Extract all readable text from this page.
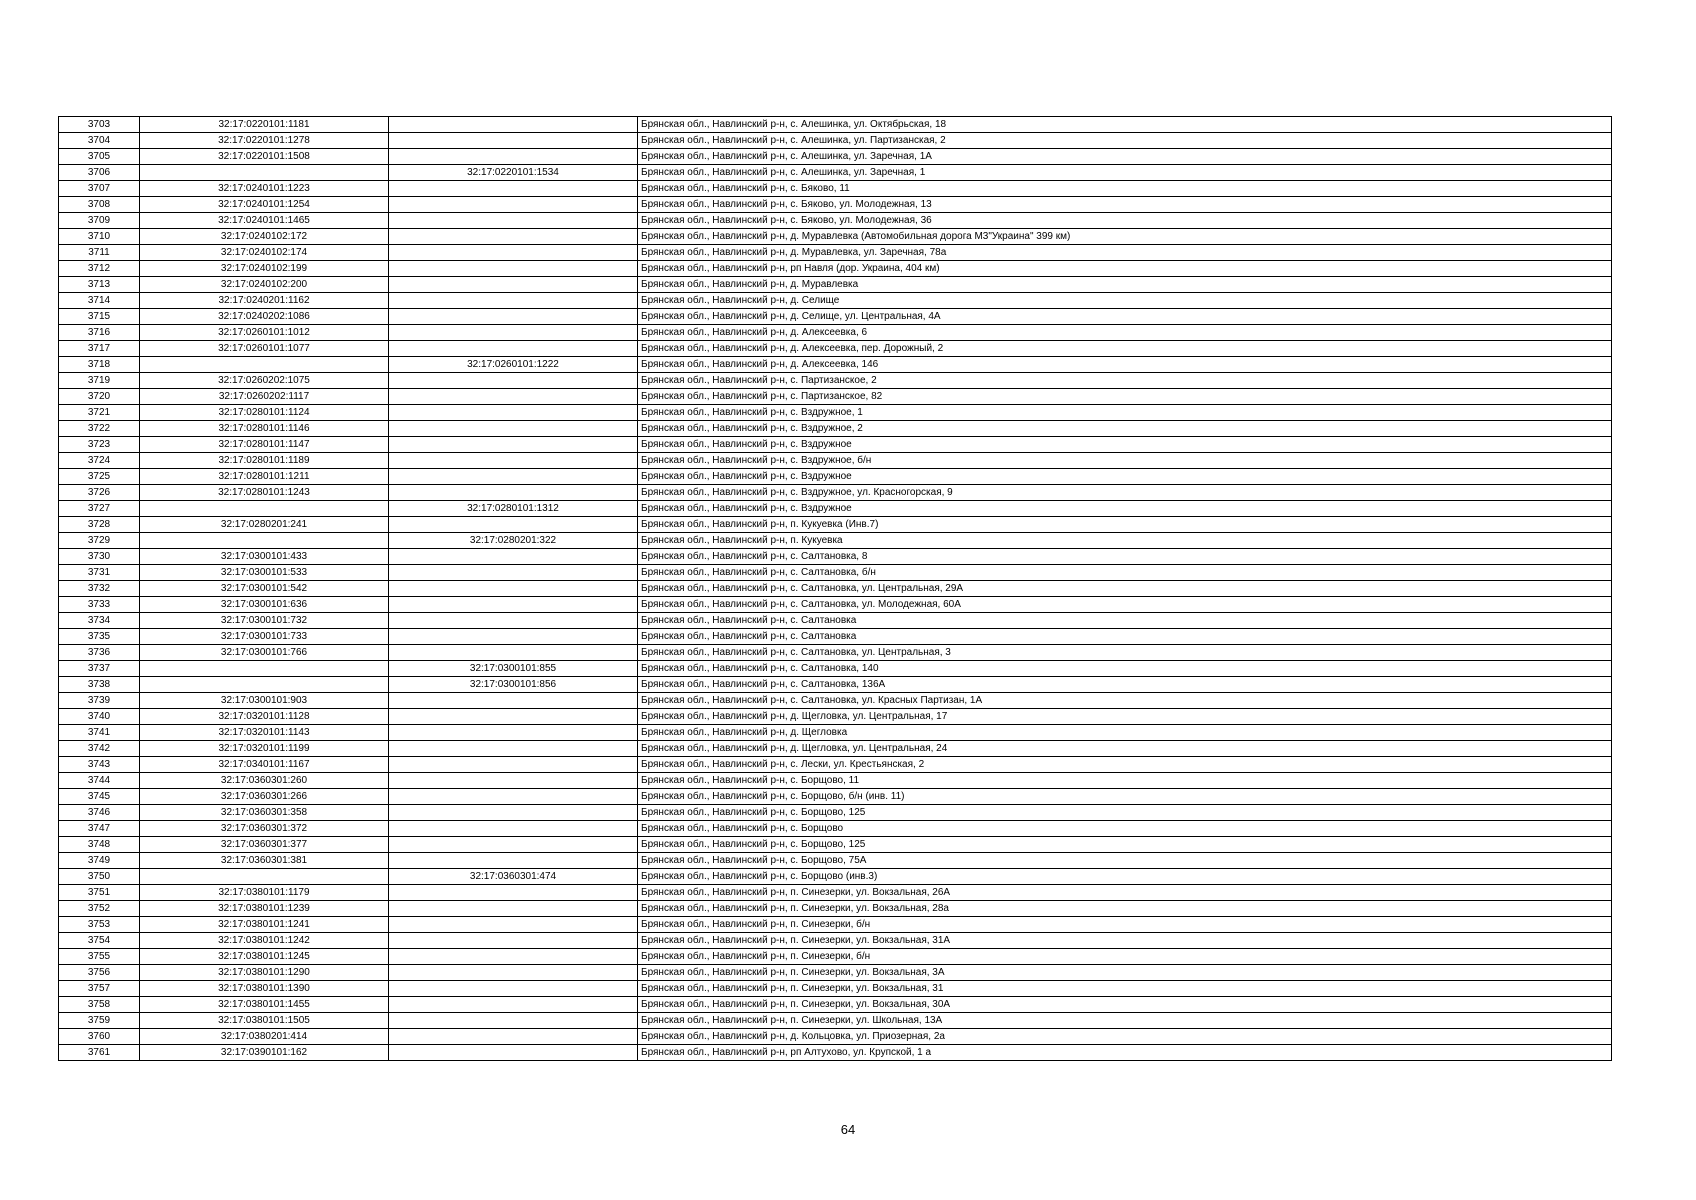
3703	32:17:0220101:1181		Брянская обл., Навлинский р-н, с. Алешинка, ул. Октябрьская, 18
3704	32:17:0220101:1278		Брянская обл., Навлинский р-н, с. Алешинка, ул. Партизанская, 2
3705	32:17:0220101:1508		Брянская обл., Навлинский р-н, с. Алешинка, ул. Заречная, 1А
3706		32:17:0220101:1534	Брянская обл., Навлинский р-н, с. Алешинка, ул. Заречная, 1
3707	32:17:0240101:1223		Брянская обл., Навлинский р-н, с. Бяково, 11
3708	32:17:0240101:1254		Брянская обл., Навлинский р-н, с. Бяково, ул. Молодежная, 13
3709	32:17:0240101:1465		Брянская обл., Навлинский р-н, с. Бяково, ул. Молодежная, 36
3710	32:17:0240102:172		Брянская обл., Навлинский р-н, д. Муравлевка (Автомобильная дорога М3"Украина" 399 км)
3711	32:17:0240102:174		Брянская обл., Навлинский р-н, д. Муравлевка, ул. Заречная, 78а
3712	32:17:0240102:199		Брянская обл., Навлинский р-н, рп Навля (дор. Украина, 404 км)
3713	32:17:0240102:200		Брянская обл., Навлинский р-н, д. Муравлевка
3714	32:17:0240201:1162		Брянская обл., Навлинский р-н, д. Селище
3715	32:17:0240202:1086		Брянская обл., Навлинский р-н, д. Селище, ул. Центральная, 4А
3716	32:17:0260101:1012		Брянская обл., Навлинский р-н, д. Алексеевка, 6
3717	32:17:0260101:1077		Брянская обл., Навлинский р-н, д. Алексеевка, пер. Дорожный, 2
3718		32:17:0260101:1222	Брянская обл., Навлинский р-н, д. Алексеевка, 146
3719	32:17:0260202:1075		Брянская обл., Навлинский р-н, с. Партизанское, 2
3720	32:17:0260202:1117		Брянская обл., Навлинский р-н, с. Партизанское, 82
3721	32:17:0280101:1124		Брянская обл., Навлинский р-н, с. Вздружное, 1
3722	32:17:0280101:1146		Брянская обл., Навлинский р-н, с. Вздружное, 2
3723	32:17:0280101:1147		Брянская обл., Навлинский р-н, с. Вздружное
3724	32:17:0280101:1189		Брянская обл., Навлинский р-н, с. Вздружное, б/н
3725	32:17:0280101:1211		Брянская обл., Навлинский р-н, с. Вздружное
3726	32:17:0280101:1243		Брянская обл., Навлинский р-н, с. Вздружное, ул. Красногорская, 9
3727		32:17:0280101:1312	Брянская обл., Навлинский р-н, с. Вздружное
3728	32:17:0280201:241		Брянская обл., Навлинский р-н, п. Кукуевка (Инв.7)
3729		32:17:0280201:322	Брянская обл., Навлинский р-н, п. Кукуевка
3730	32:17:0300101:433		Брянская обл., Навлинский р-н, с. Салтановка, 8
3731	32:17:0300101:533		Брянская обл., Навлинский р-н, с. Салтановка, б/н
3732	32:17:0300101:542		Брянская обл., Навлинский р-н, с. Салтановка, ул. Центральная, 29А
3733	32:17:0300101:636		Брянская обл., Навлинский р-н, с. Салтановка, ул. Молодежная, 60А
3734	32:17:0300101:732		Брянская обл., Навлинский р-н, с. Салтановка
3735	32:17:0300101:733		Брянская обл., Навлинский р-н, с. Салтановка
3736	32:17:0300101:766		Брянская обл., Навлинский р-н, с. Салтановка, ул. Центральная, 3
3737		32:17:0300101:855	Брянская обл., Навлинский р-н, с. Салтановка, 140
3738		32:17:0300101:856	Брянская обл., Навлинский р-н, с. Салтановка, 136А
3739	32:17:0300101:903		Брянская обл., Навлинский р-н, с. Салтановка, ул. Красных Партизан, 1А
3740	32:17:0320101:1128		Брянская обл., Навлинский р-н, д. Щегловка, ул. Центральная, 17
3741	32:17:0320101:1143		Брянская обл., Навлинский р-н, д. Щегловка
3742	32:17:0320101:1199		Брянская обл., Навлинский р-н, д. Щегловка, ул. Центральная, 24
3743	32:17:0340101:1167		Брянская обл., Навлинский р-н, с. Лески, ул. Крестьянская, 2
3744	32:17:0360301:260		Брянская обл., Навлинский р-н, с. Борщово, 11
3745	32:17:0360301:266		Брянская обл., Навлинский р-н, с. Борщово, б/н (инв. 11)
3746	32:17:0360301:358		Брянская обл., Навлинский р-н, с. Борщово, 125
3747	32:17:0360301:372		Брянская обл., Навлинский р-н, с. Борщово
3748	32:17:0360301:377		Брянская обл., Навлинский р-н, с. Борщово, 125
3749	32:17:0360301:381		Брянская обл., Навлинский р-н, с. Борщово, 75А
3750		32:17:0360301:474	Брянская обл., Навлинский р-н, с. Борщово (инв.3)
3751	32:17:0380101:1179		Брянская обл., Навлинский р-н, п. Синезерки, ул. Вокзальная, 26А
3752	32:17:0380101:1239		Брянская обл., Навлинский р-н, п. Синезерки, ул. Вокзальная, 28а
3753	32:17:0380101:1241		Брянская обл., Навлинский р-н, п. Синезерки, б/н
3754	32:17:0380101:1242		Брянская обл., Навлинский р-н, п. Синезерки, ул. Вокзальная, 31А
3755	32:17:0380101:1245		Брянская обл., Навлинский р-н, п. Синезерки, б/н
3756	32:17:0380101:1290		Брянская обл., Навлинский р-н, п. Синезерки, ул. Вокзальная, 3А
3757	32:17:0380101:1390		Брянская обл., Навлинский р-н, п. Синезерки, ул. Вокзальная, 31
3758	32:17:0380101:1455		Брянская обл., Навлинский р-н, п. Синезерки, ул. Вокзальная, 30А
3759	32:17:0380101:1505		Брянская обл., Навлинский р-н, п. Синезерки, ул. Школьная, 13А
3760	32:17:0380201:414		Брянская обл., Навлинский р-н, д. Кольцовка, ул. Приозерная, 2а
3761	32:17:0390101:162		Брянская обл., Навлинский р-н, рп Алтухово, ул. Крупской, 1 а
64
